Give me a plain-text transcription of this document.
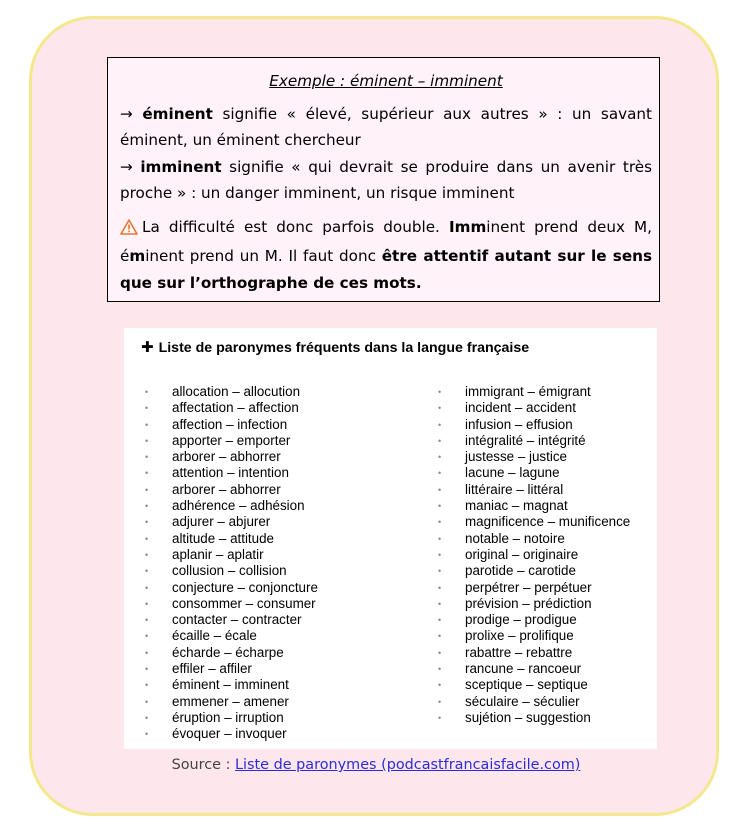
Exemple : éminent – imminent

→ éminent signifie « élevé, supérieur aux autres » : un savant éminent, un éminent chercheur

→ imminent signifie « qui devrait se produire dans un avenir très proche » : un danger imminent, un risque imminent

La difficulté est donc parfois double. Imminent prend deux M, éminent prend un M. Il faut donc être attentif autant sur le sens que sur l’orthographe de ces mots.

✚ Liste de paronymes fréquents dans la langue française
• allocation – allocution
• affectation – affection
• affection – infection
• apporter – emporter
• arborer – abhorrer
• attention – intention
• arborer – abhorrer
• adhérence – adhésion
• adjurer – abjurer
• altitude – attitude
• aplanir – aplatir
• collusion – collision
• conjecture – conjoncture
• consommer – consumer
• contacter – contracter
• écaille – écale
• écharde – écharpe
• effiler – affiler
• éminent – imminent
• emmener – amener
• éruption – irruption
• évoquer – invoquer
• immigrant – émigrant
• incident – accident
• infusion – effusion
• intégralité – intégrité
• justesse – justice
• lacune – lagune
• littéraire – littéral
• maniac – magnat
• magnificence – munificence
• notable – notoire
• original – originaire
• parotide – carotide
• perpétrer – perpétuer
• prévision – prédiction
• prodige – prodigue
• prolixe – prolifique
• rabattre – rebattre
• rancune – rancoeur
• sceptique – septique
• séculaire – séculier
• sujétion – suggestion
Source : Liste de paronymes (podcastfrancaisfacile.com)
